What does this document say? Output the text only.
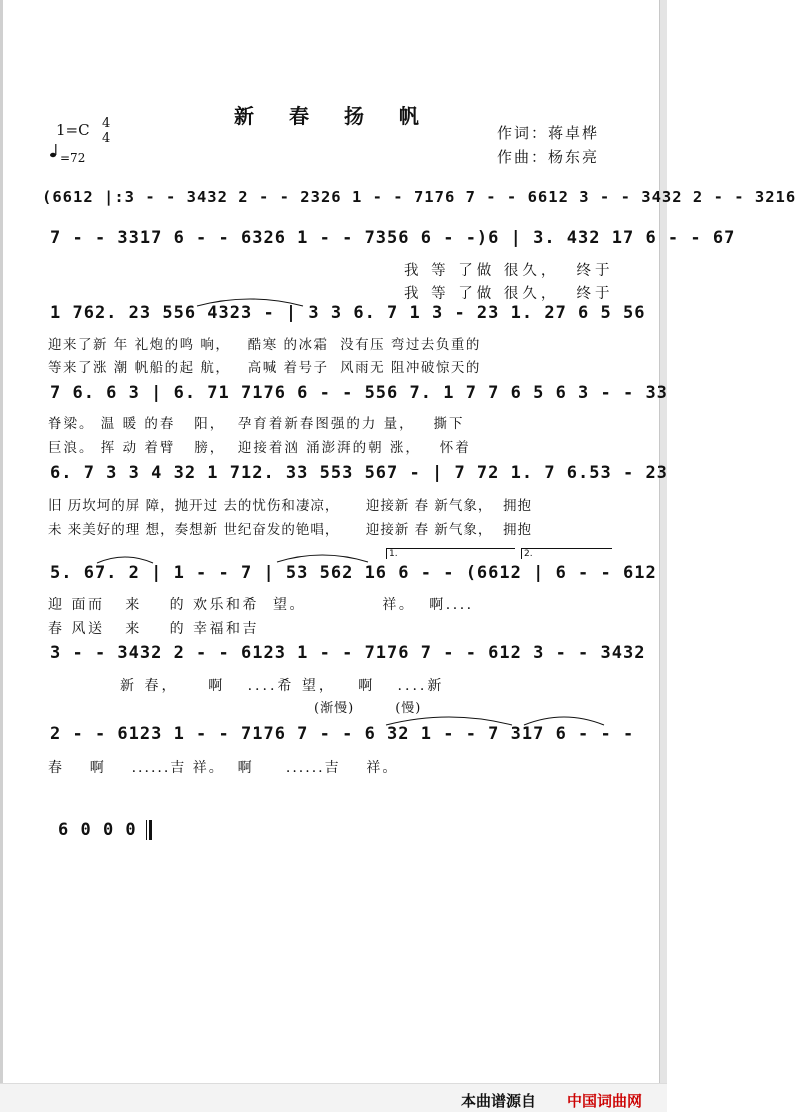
新 春 扬 帆
1=C 4
4
=72
作词：蒋卓桦
作曲：杨东亮
(6612 |:3 - - 3432 2 - - 2326 1 - - 7176 7 - - 6612 3 - - 3432 2 - - 3216
7 - - 3317 6 - - 6326 1 - - 7356 6 - -)6 | 3. 432 17 6 - - 67
我 等 了做 很久，  终于
我 等 了做 很久，  终于
1 762. 23 556 4323 - | 3 3 6. 7 1 3 - 23 1. 27 6 5 56
迎来了新 年 礼炮的鸣 响，   酷寒 的冰霜  没有压 弯过去负重的
等来了涨 潮 帆船的起 航，   高喊 着号子  风雨无 阻冲破惊天的
7 6. 6 3 | 6. 71 7176 6 - - 556 7. 1 7 7 6 5 6 3 - - 33
脊梁。 温 暖 的春   阳，  孕育着新春图强的力 量，   撕下
巨浪。 挥 动 着臂   膀，  迎接着汹 涌澎湃的朝 涨，   怀着
6. 7 3 3 4 32 1 712. 33 553 567 - | 7 72 1. 7 6.53 - 23
旧 历坎坷的屏 障，抛开过 去的忧伤和凄凉，     迎接新 春 新气象，  拥抱
未 来美好的理 想，奏想新 世纪奋发的铯唱，     迎接新 春 新气象，  拥抱
1.	2.
5. 67. 2 | 1 - - 7 | 53 562 16 6 - - (6612 | 6 - - 612
迎 面而   来    的 欢乐和希  望。           祥。  啊....
春 风送   来    的 幸福和吉
3 - - 3432 2 - - 6123 1 - - 7176 7 - - 612 3 - - 3432
新 春，    啊   ....希 望，   啊   ....新
(渐慢)        (慢)
2 - - 6123 1 - - 7176 7 - - 6 32 1 - - 7 317 6 - - -
春    啊    ......吉 祥。  啊     ......吉    祥。
6 0 0 0
本曲谱源自 中国词曲网
